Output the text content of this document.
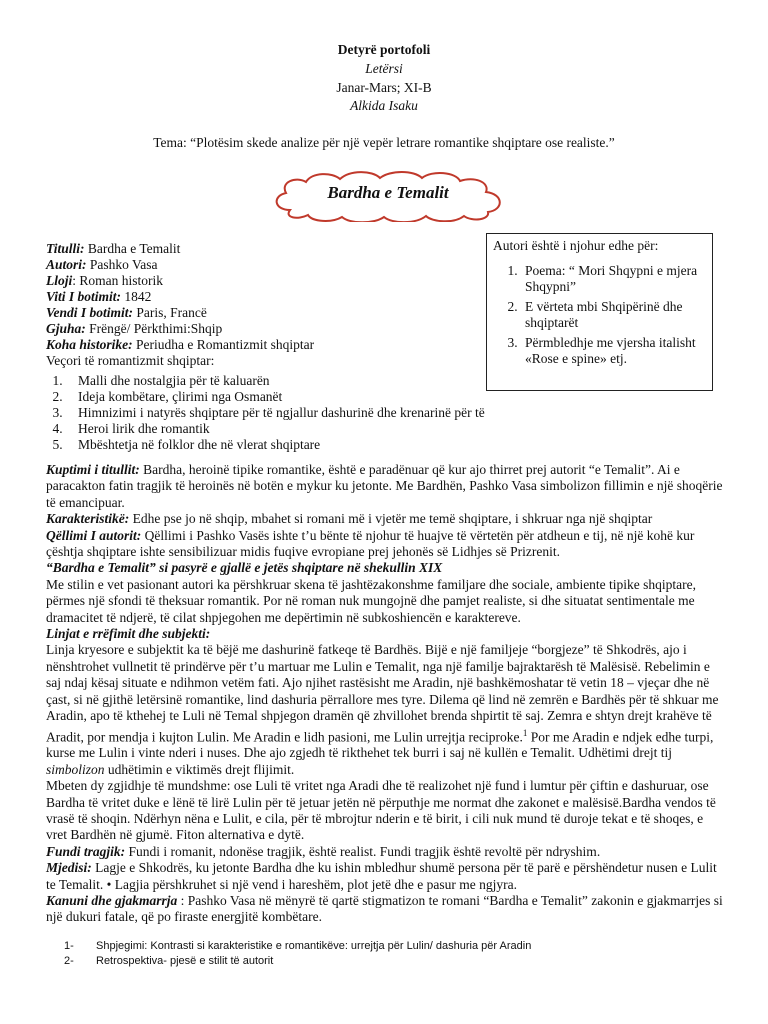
Detyrë portofoli
Letërsi
Janar-Mars; XI-B
Alkida Isaku
Tema: “Plotësim skede analize për një vepër letrare romantike shqiptare ose realiste.”
Bardha e Temalit
Autori është i njohur edhe për:
1. Poema: “ Mori Shqypni e mjera Shqypni”
2. E vërteta mbi Shqipërinë dhe shqiptarët
3. Përmbledhje me vjersha italisht «Rose e spine» etj.
Titulli: Bardha e Temalit
Autori: Pashko Vasa
Lloji: Roman historik
Viti I botimit: 1842
Vendi I botimit: Paris, Francë
Gjuha: Frëngë/ Përkthimi:Shqip
Koha historike: Periudha e Romantizmit shqiptar
Veçori të romantizmit shqiptar:
1. Malli dhe nostalgjia për të kaluarën
2. Ideja kombëtare, çlirimi nga Osmanët
3. Himnizimi i natyrës shqiptare për të ngjallur dashurinë dhe krenarinë për të
4. Heroi lirik dhe romantik
5. Mbështetja në folklor dhe në vlerat shqiptare

Kuptimi i titullit: Bardha, heroinë tipike romantike, është e paradënuar që kur ajo thirret prej autorit “e Temalit”. Ai e paracakton fatin tragjik të heroinës në botën e mykur ku jetonte. Me Bardhën, Pashko Vasa simbolizon fillimin e një shoqërie të emancipuar.

Karakteristikë: Edhe pse jo në shqip, mbahet si romani më i vjetër me temë shqiptare, i shkruar nga një shqiptar

Qëllimi I autorit: Qëllimi i Pashko Vasës ishte t’u bënte të njohur të huajve të vërtetën për atdheun e tij, në një kohë kur çështja shqiptare ishte sensibilizuar midis fuqive evropiane prej jehonës së Lidhjes së Prizrenit.

“Bardha e Temalit” si pasyrë e gjallë e jetës shqiptare në shekullin XIX

Me stilin e vet pasionant autori ka përshkruar skena të jashtëzakonshme familjare dhe sociale, ambiente tipike shqiptare, përmes një sfondi të theksuar romantik. Por në roman nuk mungojnë dhe pamjet realiste, si dhe situatat sentimentale me dramacitet të ndjerë, të cilat shpjegohen me depërtimin në subkoshiencën e karaktereve.

Linjat e rrëfimit dhe subjekti:

Linja kryesore e subjektit ka të bëjë me dashurinë fatkeqe të Bardhës. Bijë e një familjeje “borgjeze” të Shkodrës, ajo i nënshtrohet vullnetit të prindërve për t’u martuar me Lulin e Temalit, nga një familje bajraktarësh të Malësisë. Rebelimin e saj ndaj kësaj situate e ndihmon vetëm fati. Ajo njihet rastësisht me Aradin, një bashkëmoshatar të vetin 18 – vjeçar dhe në çast, si në gjithë letërsinë romantike, lind dashuria përrallore mes tyre. Dilema që lind në zemrën e Bardhës për të shkuar me Aradin, apo të kthehej te Luli në Temal shpjegon dramën që zhvillohet brenda shpirtit të saj. Zemra e shtyn drejt krahëve të Aradit, por mendja i kujton Lulin. Me Aradin e lidh pasioni, me Lulin urrejtja reciproke.$^1$ Por me Aradin e ndjek edhe turpi, kurse me Lulin i vinte nderi i nuses. Dhe ajo zgjedh të rikthehet tek burri i saj në kullën e Temalit. Udhëtimi drejt tij simbolizon udhëtimin e viktimës drejt flijimit.

Mbeten dy zgjidhje të mundshme: ose Luli të vritet nga Aradi dhe të realizohet një fund i lumtur për çiftin e dashuruar, ose Bardha të vritet duke e lënë të lirë Lulin për të jetuar jetën në përputhje me normat dhe zakonet e malësisë.Bardha vendos të vrasë të shoqin. Ndërhyn nëna e Lulit, e cila, për të mbrojtur nderin e të birit, i cili nuk mund të duroje tekat e të shoqes, e vret Bardhën në gjumë. Fiton alternativa e dytë.

Fundi tragjik: Fundi i romanit, ndonëse tragjik, është realist. Fundi tragjik është revoltë për ndryshim.

Mjedisi: Lagje e Shkodrës, ku jetonte Bardha dhe ku ishin mbledhur shumë persona për të parë e përshëndetur nusen e Lulit te Temalit. • Lagjia përshkruhet si një vend i hareshëm, plot jetë dhe e pasur me ngjyra.

Kanuni dhe gjakmarrja : Pashko Vasa në mënyrë të qartë stigmatizon te romani “Bardha e Temalit” zakonin e gjakmarrjes si një dukuri fatale, që po firaste energjitë kombëtare.

1- Shpjegimi: Kontrasti si karakteristike e romantikëve: urrejtja për Lulin/ dashuria për Aradin
2- Retrospektiva- pjesë e stilit të autorit
